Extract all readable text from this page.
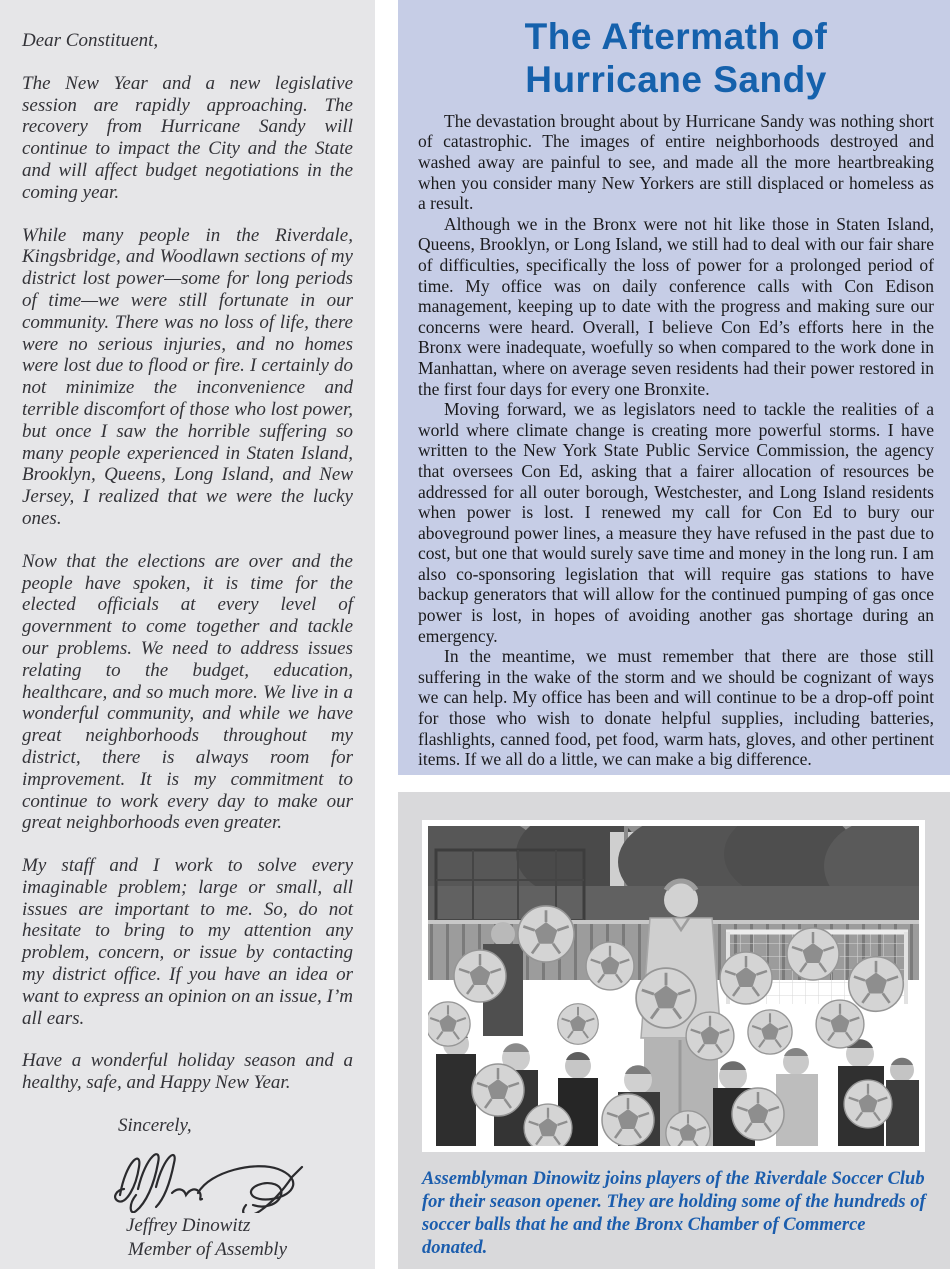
Dear Constituent,

The New Year and a new legislative session are rapidly approaching. The recovery from Hurricane Sandy will continue to impact the City and the State and will affect budget negotiations in the coming year.

While many people in the Riverdale, Kingsbridge, and Woodlawn sections of my district lost power—some for long periods of time—we were still fortunate in our community. There was no loss of life, there were no serious injuries, and no homes were lost due to flood or fire. I certainly do not minimize the inconvenience and terrible discomfort of those who lost power, but once I saw the horrible suffering so many people experienced in Staten Island, Brooklyn, Queens, Long Island, and New Jersey, I realized that we were the lucky ones.

Now that the elections are over and the people have spoken, it is time for the elected officials at every level of government to come together and tackle our problems. We need to address issues relating to the budget, education, healthcare, and so much more. We live in a wonderful community, and while we have great neighborhoods throughout my district, there is always room for improvement. It is my commitment to continue to work every day to make our great neighborhoods even greater.

My staff and I work to solve every imaginable problem; large or small, all issues are important to me. So, do not hesitate to bring to my attention any problem, concern, or issue by contacting my district office. If you have an idea or want to express an opinion on an issue, I’m all ears.

Have a wonderful holiday season and a healthy, safe, and Happy New Year.

Sincerely,

Jeffrey Dinowitz

Member of Assembly

The Aftermath of
Hurricane Sandy

The devastation brought about by Hurricane Sandy was nothing short of catastrophic. The images of entire neighborhoods destroyed and washed away are painful to see, and made all the more heartbreaking when you consider many New Yorkers are still displaced or homeless as a result.

Although we in the Bronx were not hit like those in Staten Island, Queens, Brooklyn, or Long Island, we still had to deal with our fair share of difficulties, specifically the loss of power for a prolonged period of time. My office was on daily conference calls with Con Edison management, keeping up to date with the progress and making sure our concerns were heard. Overall, I believe Con Ed’s efforts here in the Bronx were inadequate, woefully so when compared to the work done in Manhattan, where on average seven residents had their power restored in the first four days for every one Bronxite.

Moving forward, we as legislators need to tackle the realities of a world where climate change is creating more powerful storms. I have written to the New York State Public Service Commission, the agency that oversees Con Ed, asking that a fairer allocation of resources be addressed for all outer borough, Westchester, and Long Island residents when power is lost. I renewed my call for Con Ed to bury our aboveground power lines, a measure they have refused in the past due to cost, but one that would surely save time and money in the long run. I am also co-sponsoring legislation that will require gas stations to have backup generators that will allow for the continued pumping of gas once power is lost, in hopes of avoiding another gas shortage during an emergency.

In the meantime, we must remember that there are those still suffering in the wake of the storm and we should be cognizant of ways we can help. My office has been and will continue to be a drop-off point for those who wish to donate helpful supplies, including batteries, flashlights, canned food, pet food, warm hats, gloves, and other pertinent items. If we all do a little, we can make a big difference.

Assemblyman Dinowitz joins players of the Riverdale Soccer Club for their season opener. They are holding some of the hundreds of soccer balls that he and the Bronx Chamber of Commerce donated.
